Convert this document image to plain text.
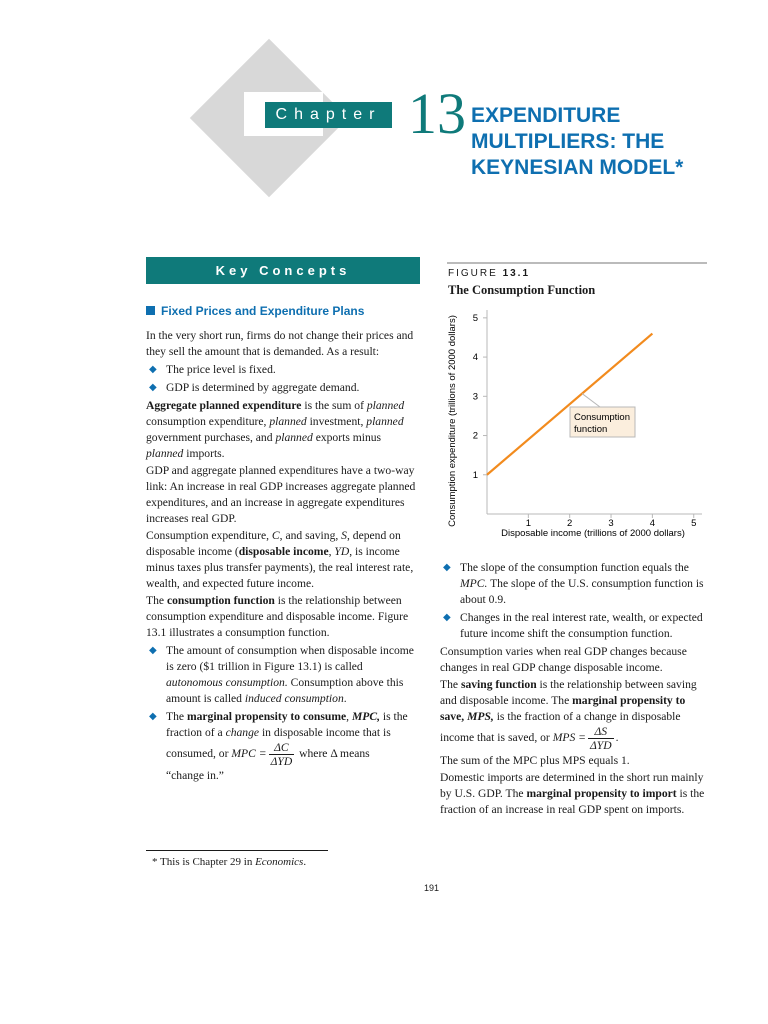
Chapter 13 EXPENDITURE
MULTIPLIERS: THE
KEYNESIAN MODEL*
Key Concepts
Fixed Prices and Expenditure Plans

In the very short run, firms do not change their prices and they sell the amount that is demanded. As a result:

◆ The price level is fixed.
◆ GDP is determined by aggregate demand.

Aggregate planned expenditure is the sum of planned consumption expenditure, planned investment, planned government purchases, and planned exports minus planned imports.

GDP and aggregate planned expenditures have a two-way link: An increase in real GDP increases aggregate planned expenditures, and an increase in aggregate expenditures increases real GDP.

Consumption expenditure, C, and saving, S, depend on disposable income (disposable income, YD, is income minus taxes plus transfer payments), the real interest rate, wealth, and expected future income.

The consumption function is the relationship between consumption expenditure and disposable income. Figure 13.1 illustrates a consumption function.

◆ The amount of consumption when disposable income is zero ($1 trillion in Figure 13.1) is called autonomous consumption. Consumption above this amount is called induced consumption.
◆ The marginal propensity to consume, MPC, is the fraction of a change in disposable income that is consumed, or MPC = $\frac{\Delta C}{\text{ΔYD}}$ where Δ means
“change in.”
FIGURE 13.1
The Consumption Function
Consumption expenditure (trillions of 2000 dollars) 1
2
3
4
5
1	2	3	4	5
Consumption
function
Disposable income (trillions of 2000 dollars)
◆ The slope of the consumption function equals the MPC. The slope of the U.S. consumption function is about 0.9.
◆ Changes in the real interest rate, wealth, or expected future income shift the consumption function.

Consumption varies when real GDP changes because changes in real GDP change disposable income.

The saving function is the relationship between saving and disposable income. The marginal propensity to save, MPS, is the fraction of a change in disposable income that is saved, or MPS = $\frac{\Delta S}{\text{ΔYD}}$ .

The sum of the MPC plus MPS equals 1.

Domestic imports are determined in the short run mainly by U.S. GDP. The marginal propensity to import is the fraction of an increase in real GDP spent on imports.

* This is Chapter 29 in Economics.
191
